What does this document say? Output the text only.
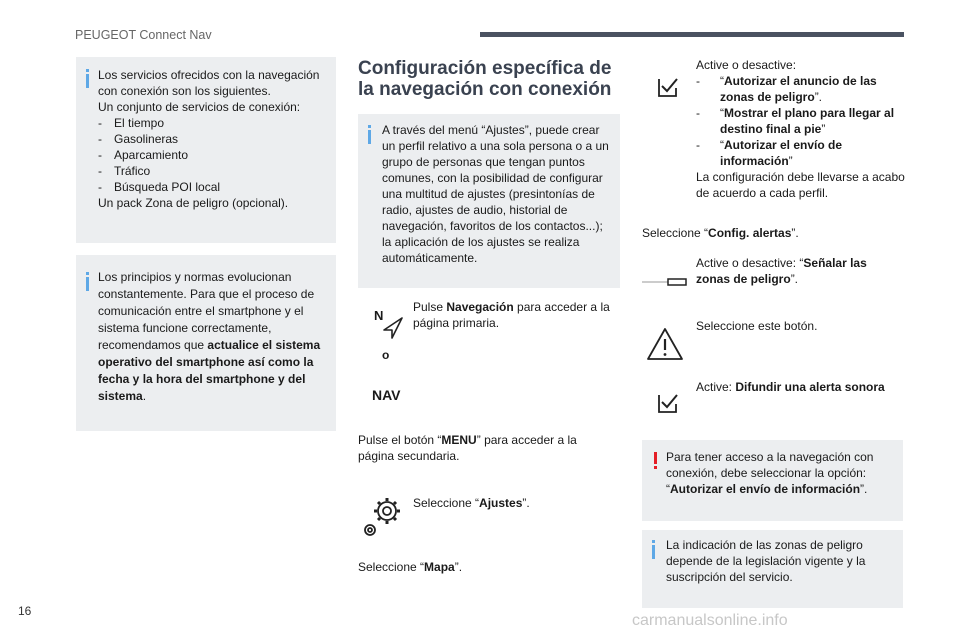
PEUGEOT Connect Nav
Los servicios ofrecidos con la navegación con conexión son los siguientes.
Un conjunto de servicios de conexión:
- El tiempo
- Gasolineras
- Aparcamiento
- Tráfico
- Búsqueda POI local
Un pack Zona de peligro (opcional).
Los principios y normas evolucionan constantemente. Para que el proceso de comunicación entre el smartphone y el sistema funcione correctamente, recomendamos que actualice el sistema operativo del smartphone así como la fecha y la hora del smartphone y del sistema.
Configuración específica de la navegación con conexión
A través del menú “Ajustes”, puede crear un perfil relativo a una sola persona o a un grupo de personas que tengan puntos comunes, con la posibilidad de configurar una multitud de ajustes (presintonías de radio, ajustes de audio, historial de navegación, favoritos de los contactos...); la aplicación de los ajustes se realiza automáticamente.
N
o
NAV
Pulse Navegación para acceder a la página primaria.
Pulse el botón “MENU” para acceder a la página secundaria.
Seleccione “Ajustes”.
Seleccione “Mapa”.
Active o desactive:
- “Autorizar el anuncio de las zonas de peligro”.
- “Mostrar el plano para llegar al destino final a pie”
- “Autorizar el envío de información”
La configuración debe llevarse a acabo de acuerdo a cada perfil.
Seleccione “Config. alertas”.
Active o desactive: “Señalar las zonas de peligro”.
Seleccione este botón.
Active: Difundir una alerta sonora
Para tener acceso a la navegación con conexión, debe seleccionar la opción: “Autorizar el envío de información”.
La indicación de las zonas de peligro depende de la legislación vigente y la suscripción del servicio.
16
carmanualsonline.info
